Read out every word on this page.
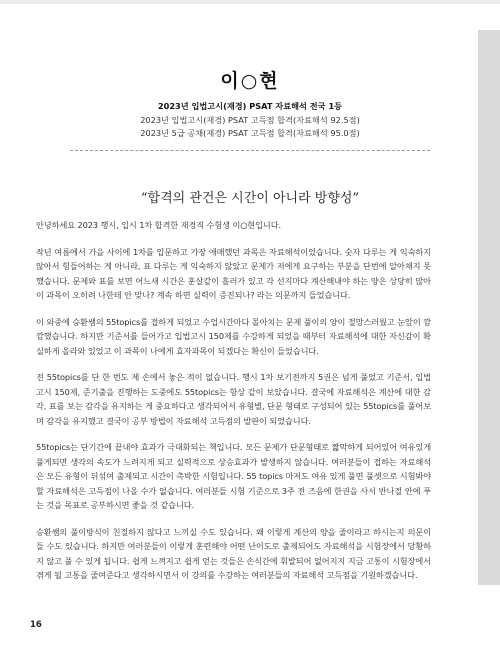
이○현
2023년 입법고시(재경) PSAT 자료해석 전국 1등
2023년 입법고시(재경) PSAT 고득점 합격(자료해석 92.5점)
2023년 5급 공채(재경) PSAT 고득점 합격(자료해석 95.0점)
“합격의 관건은 시간이 아니라 방향성”

안녕하세요 2023 행시, 입시 1차 합격한 재경직 수험생 이○현입니다.

작년 여름에서 가을 사이에 1차를 입문하고 가장 애매했던 과목은 자료해석이었습니다. 숫자 다루는 게 익숙하지 않아서 힘들어하는 게 아니라, 표 다루는 게 익숙하지 않았고 문제가 저에게 요구하는 부분을 단번에 알아채지 못했습니다. 문제와 표를 보면 어느새 시간은 훈살같이 흘러가 있고 각 선지마다 계산해내야 하는 양은 상당히 많아 이 과목이 오히려 나한테 안 맞나? 계속 하면 실력이 증진되나? 라는 의문까지 들었습니다.

이 와중에 승환쌤의 55topics를 접하게 되었고 수업시간마다 몰아치는 문제 풀이의 양이 절망스러웠고 눈앞이 깜깜했습니다. 하지만 기준서를 들어가고 입법고시 150제를 수강하게 되었을 때부터 자료해석에 대한 자신감이 확실하게 올라와 있었고 이 과목이 나에게 효자과목이 되겠다는 확신이 들었습니다.

전 55topics를 단 한 번도 제 손에서 놓은 적이 없습니다. 행시 1차 보기전까지 5권은 넘게 풀었고 기준서, 입법고시 150제, 준기출을 진행하는 도중에도 55topics는 항상 같이 보았습니다. 결국에 자료해석은 계산에 대한 감각, 표를 보는 감각을 유지하는 게 중요하다고 생각되어서 유형별, 단문 형태로 구성되어 있는 55topics를 풀어보며 감각을 유지했고 결국이 공부 방법이 자료해석 고득점의 발판이 되었습니다.

55topics는 단기간에 끝내야 효과가 극대화되는 책입니다. 모든 문제가 단문형태로 짧막하게 되어있어 여유있게 풀게되면 생각의 속도가 느려지게 되고 실력적으로 상승효과가 발생하지 않습니다. 여러분들이 접하는 자료해석은 모든 유형이 뒤섞여 출제되고 시간이 촉박한 시험입니다. 55 topics 마저도 여유 있게 풀면 풀셋으로 시험봐야 할 자료해석은 고득점이 나올 수가 없습니다. 여러분들 시험 기준으로 3주 전 즈음에 한권을 사서 반나절 안에 푸는 것을 목표로 공부하시면 좋을 것 같습니다.

승환쌤의 풀이방식이 친절하지 않다고 느끼실 수도 있습니다. 왜 이렇게 계산의 양을 줄이라고 하시는지 의문이 들 수도 있습니다. 하지만 여러분들이 이렇게 훈련해야 어떤 난이도로 출제되어도 자료해석을 시험장에서 당황하지 않고 풀 수 있게 됩니다. 쉽게 느껴지고 쉽게 얻는 것들은 손식간에 휘발되어 없어지지 지금 고통이 시험장에서 겪게 될 고통을 줄여준다고 생각하시면서 이 강의를 수강하는 여러분들의 자료해석 고득점을 기원하겠습니다.

16
